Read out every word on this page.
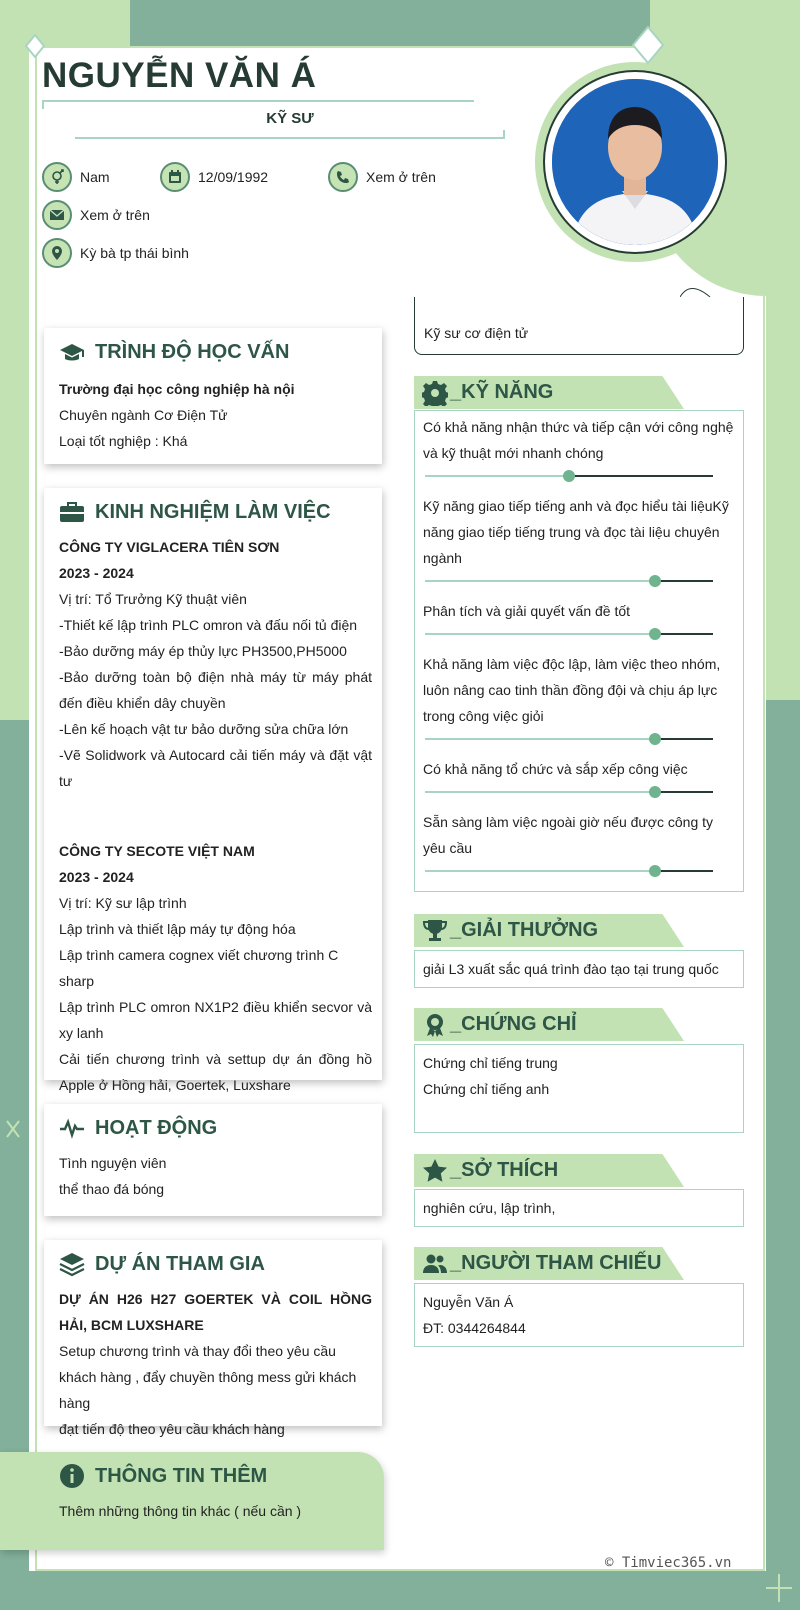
NGUYỄN VĂN Á
KỸ SƯ
Nam	12/09/1992	Xem ở trên
Xem ở trên
Kỳ bà tp thái bình
Kỹ sư cơ điện tử
TRÌNH ĐỘ HỌC VẤN
Trường đại học công nghiệp hà nội
Chuyên ngành Cơ Điện Tử
Loại tốt nghiệp : Khá
KINH NGHIỆM LÀM VIỆC
CÔNG TY VIGLACERA TIÊN SƠN
2023 - 2024
Vị trí: Tổ Trưởng Kỹ thuật viên
-Thiết kế lập trình PLC omron và đấu nối tủ điện
-Bảo dưỡng máy ép thủy lực PH3500,PH5000
-Bảo dưỡng toàn bộ điện nhà máy từ máy phát đến điều khiển dây chuyền
-Lên kế hoạch vật tư bảo dưỡng sửa chữa lớn
-Vẽ Solidwork và Autocard cải tiến máy và đặt vật tư
CÔNG TY SECOTE VIỆT NAM
2023 - 2024
Vị trí: Kỹ sư lập trình
Lập trình và thiết lập máy tự động hóa
Lập trình camera cognex viết chương trình C sharp
Lập trình PLC omron NX1P2 điều khiển secvor và xy lanh
Cải tiến chương trình và settup dự án đồng hồ Apple ở Hồng hải, Goertek, Luxshare
HOẠT ĐỘNG
Tình nguyện viên
thể thao đá bóng
DỰ ÁN THAM GIA
DỰ ÁN H26 H27 GOERTEK VÀ COIL HỒNG HẢI, BCM LUXSHARE
Setup chương trình và thay đổi theo yêu cầu khách hàng , đẩy chuyền thông mess gửi khách hàng
đạt tiến độ theo yêu cầu khách hàng
THÔNG TIN THÊM
Thêm những thông tin khác ( nếu cần )
_KỸ NĂNG
Có khả năng nhận thức và tiếp cận với công nghệ và kỹ thuật mới nhanh chóng
Kỹ năng giao tiếp tiếng anh và đọc hiểu tài liệuKỹ năng giao tiếp tiếng trung và đọc tài liệu chuyên ngành
Phân tích và giải quyết vấn đề tốt
Khả năng làm việc độc lập, làm việc theo nhóm, luôn nâng cao tinh thần đồng đội và chịu áp lực trong công việc giỏi
Có khả năng tổ chức và sắp xếp công việc
Sẵn sàng làm việc ngoài giờ nếu được công ty yêu cầu
_GIẢI THƯỞNG
giải L3 xuất sắc quá trình đào tạo tại trung quốc
_CHỨNG CHỈ
Chứng chỉ tiếng trung
Chứng chỉ tiếng anh
_SỞ THÍCH
nghiên cứu, lập trình,
_NGƯỜI THAM CHIẾU
Nguyễn Văn Á
ĐT: 0344264844
© Timviec365.vn
